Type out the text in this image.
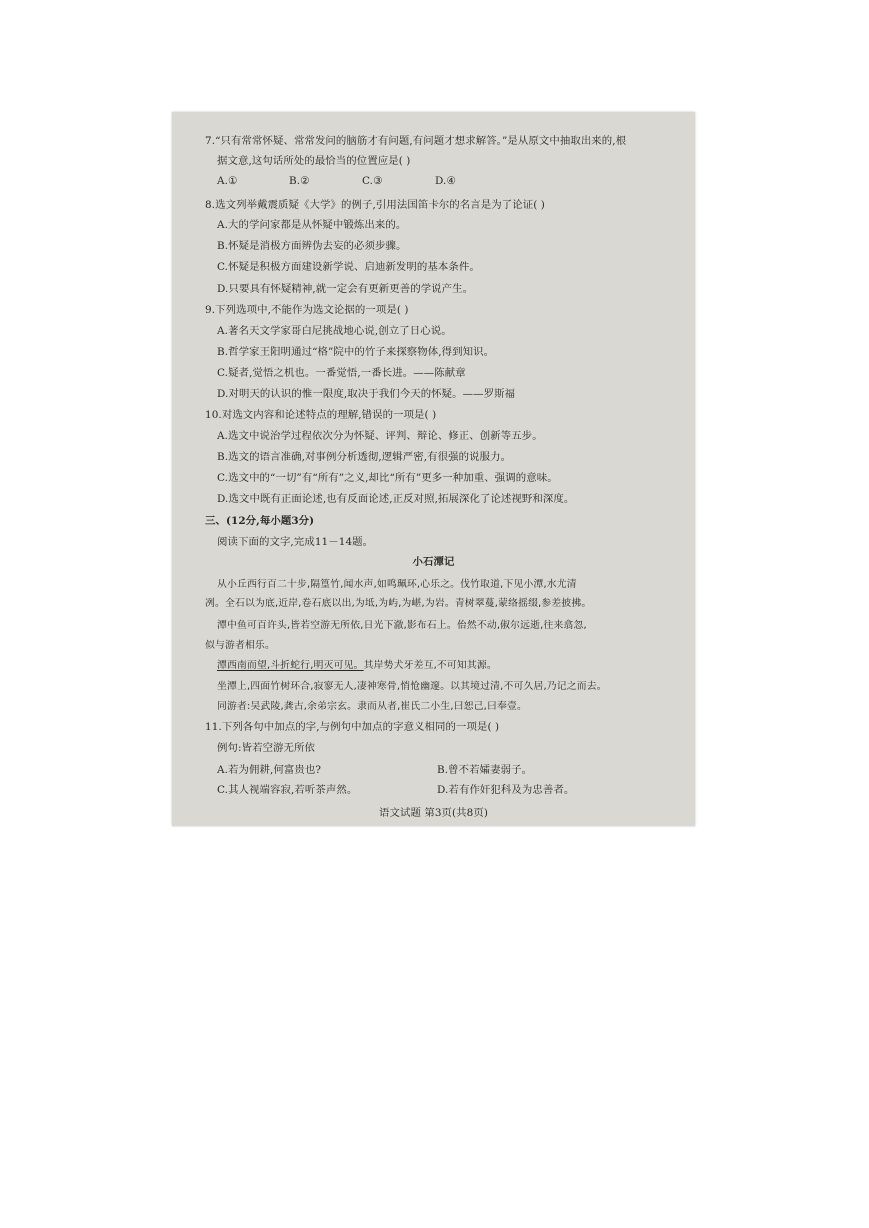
7.“只有常常怀疑、常常发问的脑筋才有问题,有问题才想求解答。”是从原文中抽取出来的,根
据文意,这句话所处的最恰当的位置应是( )
A.①	B.②	C.③	D.④
8.选文列举戴震质疑《大学》的例子,引用法国笛卡尔的名言是为了论证( )
A.大的学问家都是从怀疑中锻炼出来的。
B.怀疑是消极方面辨伪去妄的必须步骤。
C.怀疑是积极方面建设新学说、启迪新发明的基本条件。
D.只要具有怀疑精神,就一定会有更新更善的学说产生。
9.下列选项中,不能作为选文论据的一项是( )
A.著名天文学家哥白尼挑战地心说,创立了日心说。
B.哲学家王阳明通过“格”院中的竹子来探察物体,得到知识。
C.疑者,觉悟之机也。一番觉悟,一番长进。——陈献章
D.对明天的认识的惟一限度,取决于我们今天的怀疑。——罗斯福
10.对选文内容和论述特点的理解,错误的一项是( )
A.选文中说治学过程依次分为怀疑、评判、辩论、修正、创新等五步。
B.选文的语言准确,对事例分析透彻,逻辑严密,有很强的说服力。
C.选文中的“一切”有“所有”之义,却比“所有”更多一种加重、强调的意味。
D.选文中既有正面论述,也有反面论述,正反对照,拓展深化了论述视野和深度。
三、(12分,每小题3分)
阅读下面的文字,完成11－14题。
小石潭记
从小丘西行百二十步,隔篁竹,闻水声,如鸣珮环,心乐之。伐竹取道,下见小潭,水尤清
冽。全石以为底,近岸,卷石底以出,为坻,为屿,为嵁,为岩。青树翠蔓,蒙络摇缀,参差披拂。
潭中鱼可百许头,皆若空游无所依,日光下澈,影布石上。佁然不动,俶尔远逝,往来翕忽,
似与游者相乐。
潭西南而望,斗折蛇行,明灭可见。其岸势犬牙差互,不可知其源。
坐潭上,四面竹树环合,寂寥无人,凄神寒骨,悄怆幽邃。以其境过清,不可久居,乃记之而去。
同游者:吴武陵,龚古,余弟宗玄。隶而从者,崔氏二小生,曰恕己,曰奉壹。
11.下列各句中加点的字,与例句中加点的字意义相同的一项是( )
例句:皆若空游无所依
A.若为佣耕,何富贵也?	B.曾不若孀妻弱子。
C.其人视端容寂,若听茶声然。	D.若有作奸犯科及为忠善者。
语文试题 第3页(共8页)
